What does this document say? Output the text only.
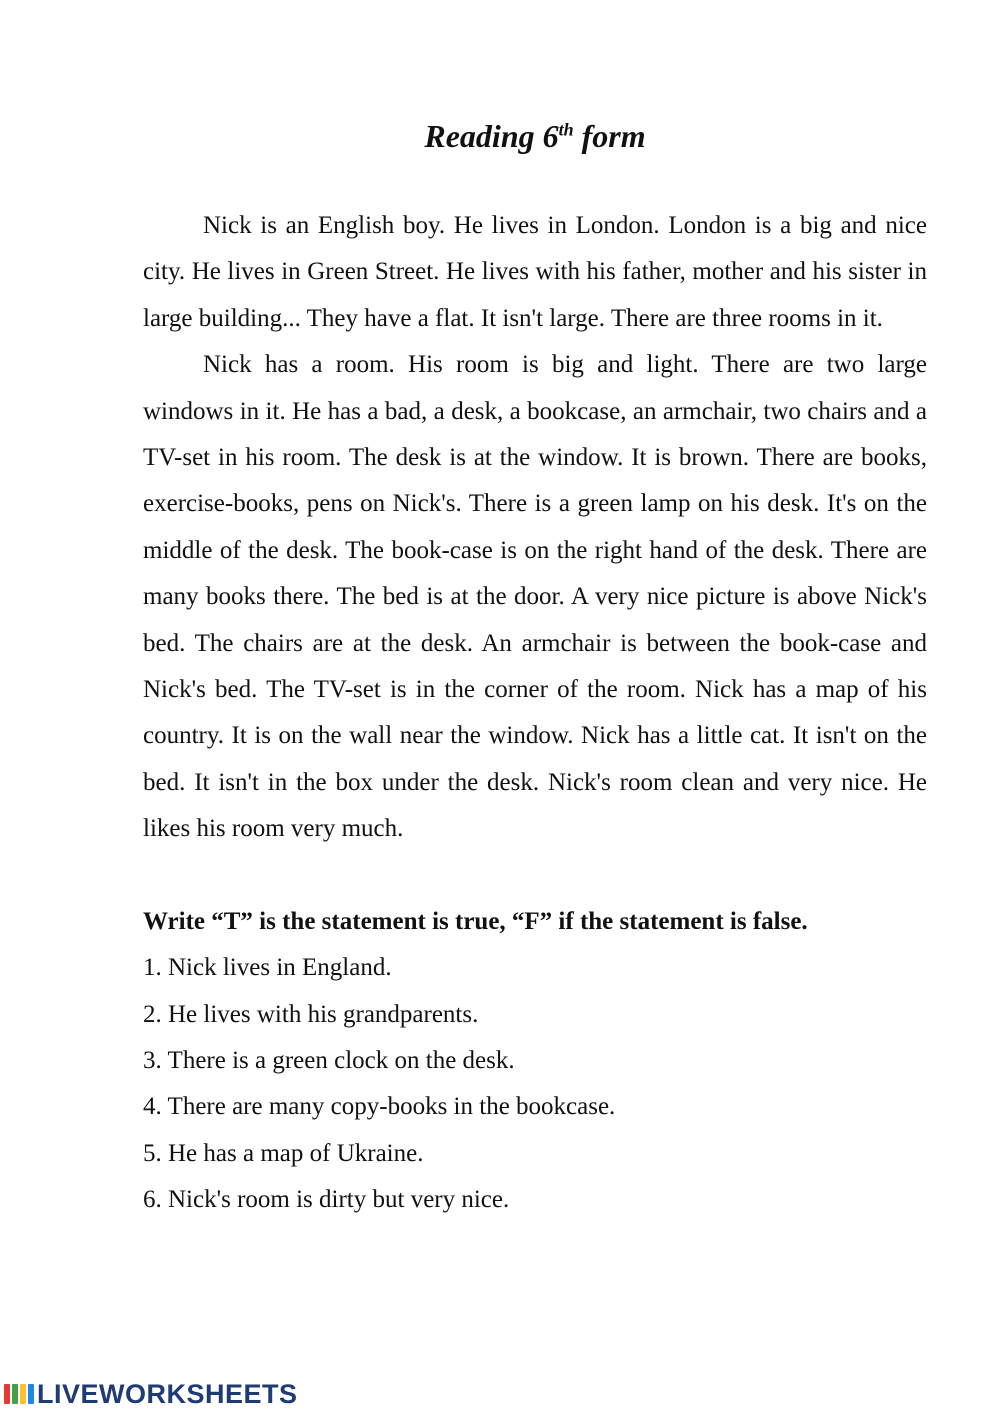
Reading 6th form

Nick is an English boy. He lives in London. London is a big and nice city. He lives in Green Street. He lives with his father, mother and his sister in large building... They have a flat. It isn't large. There are three rooms in it.

Nick has a room. His room is big and light. There are two large windows in it. He has a bad, a desk, a bookcase, an armchair, two chairs and a TV-set in his room. The desk is at the window. It is brown. There are books, exercise-books, pens on Nick's. There is a green lamp on his desk. It's on the middle of the desk. The book-case is on the right hand of the desk. There are many books there. The bed is at the door. A very nice picture is above Nick's bed. The chairs are at the desk. An armchair is between the book-case and Nick's bed. The TV-set is in the corner of the room. Nick has a map of his country. It is on the wall near the window. Nick has a little cat. It isn't on the bed. It isn't in the box under the desk. Nick's room clean and very nice. He likes his room very much.

Write “T” is the statement is true, “F” if the statement is false.

1. Nick lives in England.
2. He lives with his grandparents.
3. There is a green clock on the desk.
4. There are many copy-books in the bookcase.
5. He has a map of Ukraine.
6. Nick's room is dirty but very nice.
LIVEWORKSHEETS
